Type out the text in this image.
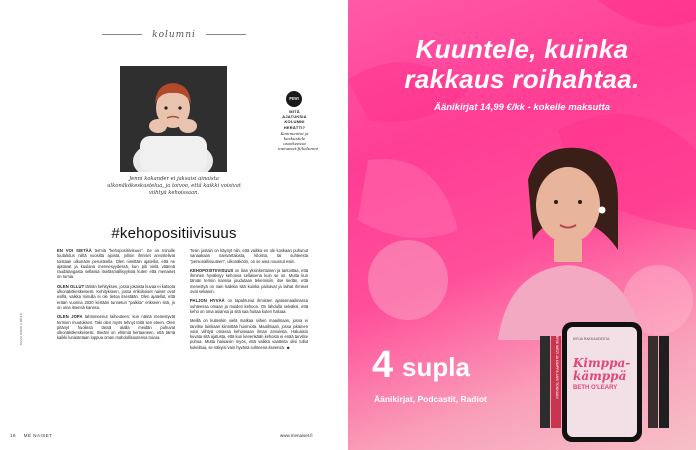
kolumni
Jenni kokander ei jaksaisi ainaista ulkonäkökeskustelua, ja toivoo, että kaikki voisivat viihtyä kehoissaan.
FIIVI
MITÄ AJATUKSIA KOLUMNI HERÄTTI?
Kommentoi ja keskustele osoitteessa menaiset.fi/kolumni
#kehopositiivisuus

EN VOI SIETÄÄ termiä "kehopositiivisuus". Se on minulle tuulahdus niiltä vuosilta ajoista, jolloin ihmiset arvostelivat toistaan ulkonäön perusteella. Olen nimittäin ajatellut, että ne ajatavat ja kuulana mennesyydessä, kun piti vielä väännä raudalangasta sellaisia itsetäsmällisyyksiä kuten että menaiset on rumia.

OLEN OLLUT tämän kehityksen, jossa jokaista kuvaa ei katsota ulkonäkökeskeisesti. Kehitykseen, jossa erikokoiset naiset ovat esillä, vaikka minulla ei ole tietoa itsestään. Olen ajatellut, että erään vuonna 2020 kertään tunnetun "palkita" erikseen sitä, jo on oma itsensä kanssa.

OLEN JOPA tahtomeenut laiheuteen, kun nämä menestyvät termien muutoksen. Taki olen myös tehnyt töitä sen eteen. Olen pitänyt huolissa tässä alalla meidän puhuvat ulkonäkökeskeisesti. Itseäni on ehtimiä kertaaneen, että tämä kaikki lunastetaan loppua oman mahdollisuutensa toivoa.

Tosin jostain on käynyt niin, että vaikka en ole koskaan puhunut sanaakaan naisvartalosta, kiloista, tai suhteesta "personallisuuteen", ulkonäköön, on se aina noussut esiin.

KEHOPOSITIIVISUUS on liian yksinkertainen ja tarkoittaa, että ihminen hyväksyy kehonsa sellaisena kuin se on. Mutta kun tämän termin kanssa joudutaan tekemisiin, itse tiedän, että menestyä on vain kaikkia sitä kuinka painavat ja laihat ihmiset ovat sekaisin.

PALJON HYVÄÄ on tapahtunut ihmisten ajatusmaailmassa suhteessa omaan ja muiden kehoon. On lahdulla selväksi, että keho on oma asiansa ja sitä saa hoitaa kuten haluaa.

Meillä on kuitenkin vielä matkaa siihen maailmaan, jossa ei tarvitse lainkaan kiinnittää huomiota. Maailmaan, jossa jokainen voisi viihtyä omassa kehossaan ilman arviointia. Haluaisin kuvata sitä ajatusta, että kun kenenkään kehosta ei enää tarvitse puhua. Mutta haluaisin myös, että vaikka vaatteita olisi tullut kokeiltua, se näkyisi vain hyvänä suhteena itseensä. ☻

KUVA PARU FRÖJD
18 ME NAISET	www.menaiset.fi
Kuuntele, kuinka
rakkaus roihahtaa.
Äänikirjat 14,99 €/kk - kokeile maksutta
4 supla
Äänikirjat, Podcastit, Radiot
ERIK WEZI JA KIMPPA JARI TONNIANI	KIRJA RAKKAUDESTA
Kimppa-
kämppä
BETH O'LEARY
